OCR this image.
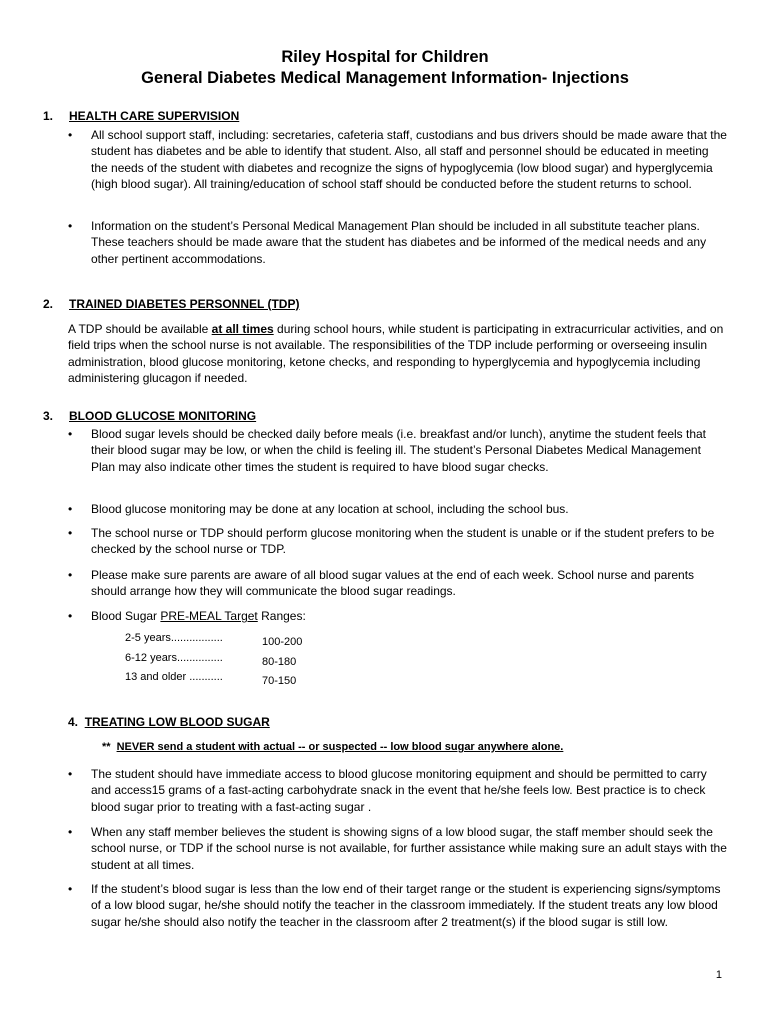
Riley Hospital for Children
General Diabetes Medical Management Information- Injections
1. HEALTH CARE SUPERVISION
• All school support staff, including: secretaries, cafeteria staff, custodians and bus drivers should be made aware that the student has diabetes and be able to identify that student. Also, all staff and personnel should be educated in meeting the needs of the student with diabetes and recognize the signs of hypoglycemia (low blood sugar) and hyperglycemia (high blood sugar). All training/education of school staff should be conducted before the student returns to school.
• Information on the student’s Personal Medical Management Plan should be included in all substitute teacher plans. These teachers should be made aware that the student has diabetes and be informed of the medical needs and any other pertinent accommodations.
2. TRAINED DIABETES PERSONNEL (TDP)
A TDP should be available at all times during school hours, while student is participating in extracurricular activities, and on field trips when the school nurse is not available. The responsibilities of the TDP include performing or overseeing insulin administration, blood glucose monitoring, ketone checks, and responding to hyperglycemia and hypoglycemia including administering glucagon if needed.
3. BLOOD GLUCOSE MONITORING
• Blood sugar levels should be checked daily before meals (i.e. breakfast and/or lunch), anytime the student feels that their blood sugar may be low, or when the child is feeling ill. The student’s Personal Diabetes Medical Management Plan may also indicate other times the student is required to have blood sugar checks.
• Blood glucose monitoring may be done at any location at school, including the school bus.
• The school nurse or TDP should perform glucose monitoring when the student is unable or if the student prefers to be checked by the school nurse or TDP.
• Please make sure parents are aware of all blood sugar values at the end of each week. School nurse and parents should arrange how they will communicate the blood sugar readings.
• Blood Sugar PRE-MEAL Target Ranges:
2-5 years.................	100-200
6-12 years...............	80-180
13 and older ...........	70-150
4. TREATING LOW BLOOD SUGAR
** NEVER send a student with actual -- or suspected -- low blood sugar anywhere alone.
• The student should have immediate access to blood glucose monitoring equipment and should be permitted to carry and access15 grams of a fast-acting carbohydrate snack in the event that he/she feels low. Best practice is to check blood sugar prior to treating with a fast-acting sugar .
• When any staff member believes the student is showing signs of a low blood sugar, the staff member should seek the school nurse, or TDP if the school nurse is not available, for further assistance while making sure an adult stays with the student at all times.
• If the student’s blood sugar is less than the low end of their target range or the student is experiencing signs/symptoms of a low blood sugar, he/she should notify the teacher in the classroom immediately. If the student treats any low blood sugar he/she should also notify the teacher in the classroom after 2 treatment(s) if the blood sugar is still low.
1
